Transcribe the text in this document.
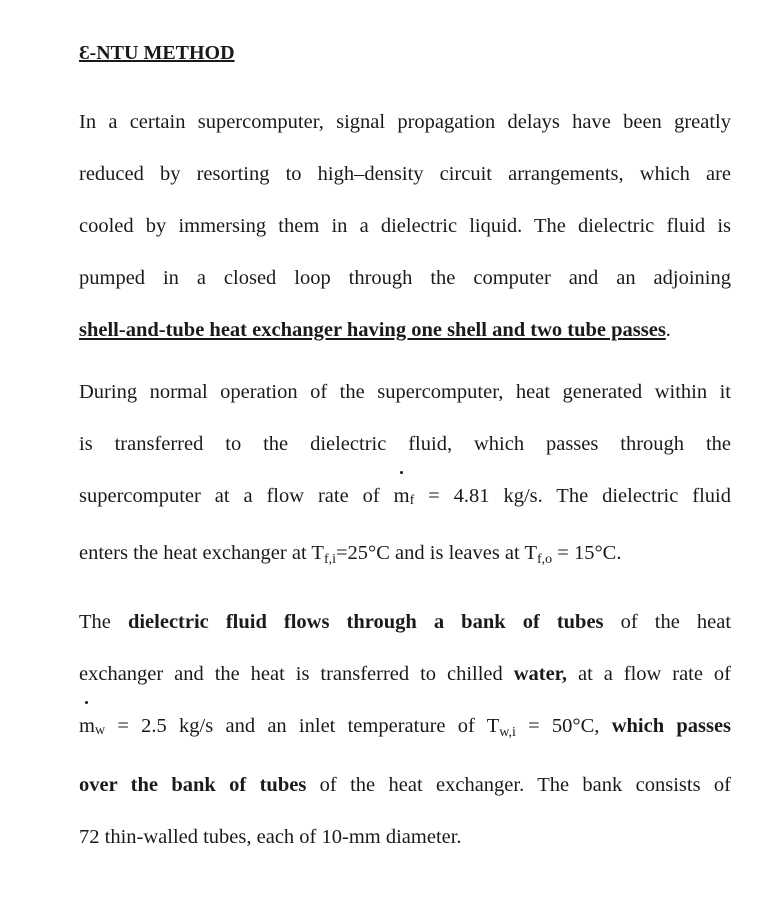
Ɛ-NTU METHOD
In a certain supercomputer, signal propagation delays have been greatly
reduced by resorting to high–density circuit arrangements, which are
cooled by immersing them in a dielectric liquid. The dielectric fluid is
pumped in a closed loop through the computer and an adjoining
shell-and-tube heat exchanger having one shell and two tube passes.
During normal operation of the supercomputer, heat generated within it
is transferred to the dielectric fluid, which passes through the
supercomputer at a flow rate of mf = 4.81 kg/s. The dielectric fluid
enters the heat exchanger at $T_{f,i}=25^\circ C$ and is leaves at $T_{f,o} = 15^\circ C$.
The dielectric fluid flows through a bank of tubes of the heat
exchanger and the heat is transferred to chilled water, at a flow rate of
mw = 2.5 kg/s and an inlet temperature of $T_{w,i} = 50^\circ C$, which passes
over the bank of tubes of the heat exchanger. The bank consists of
72 thin-walled tubes, each of 10-mm diameter.
